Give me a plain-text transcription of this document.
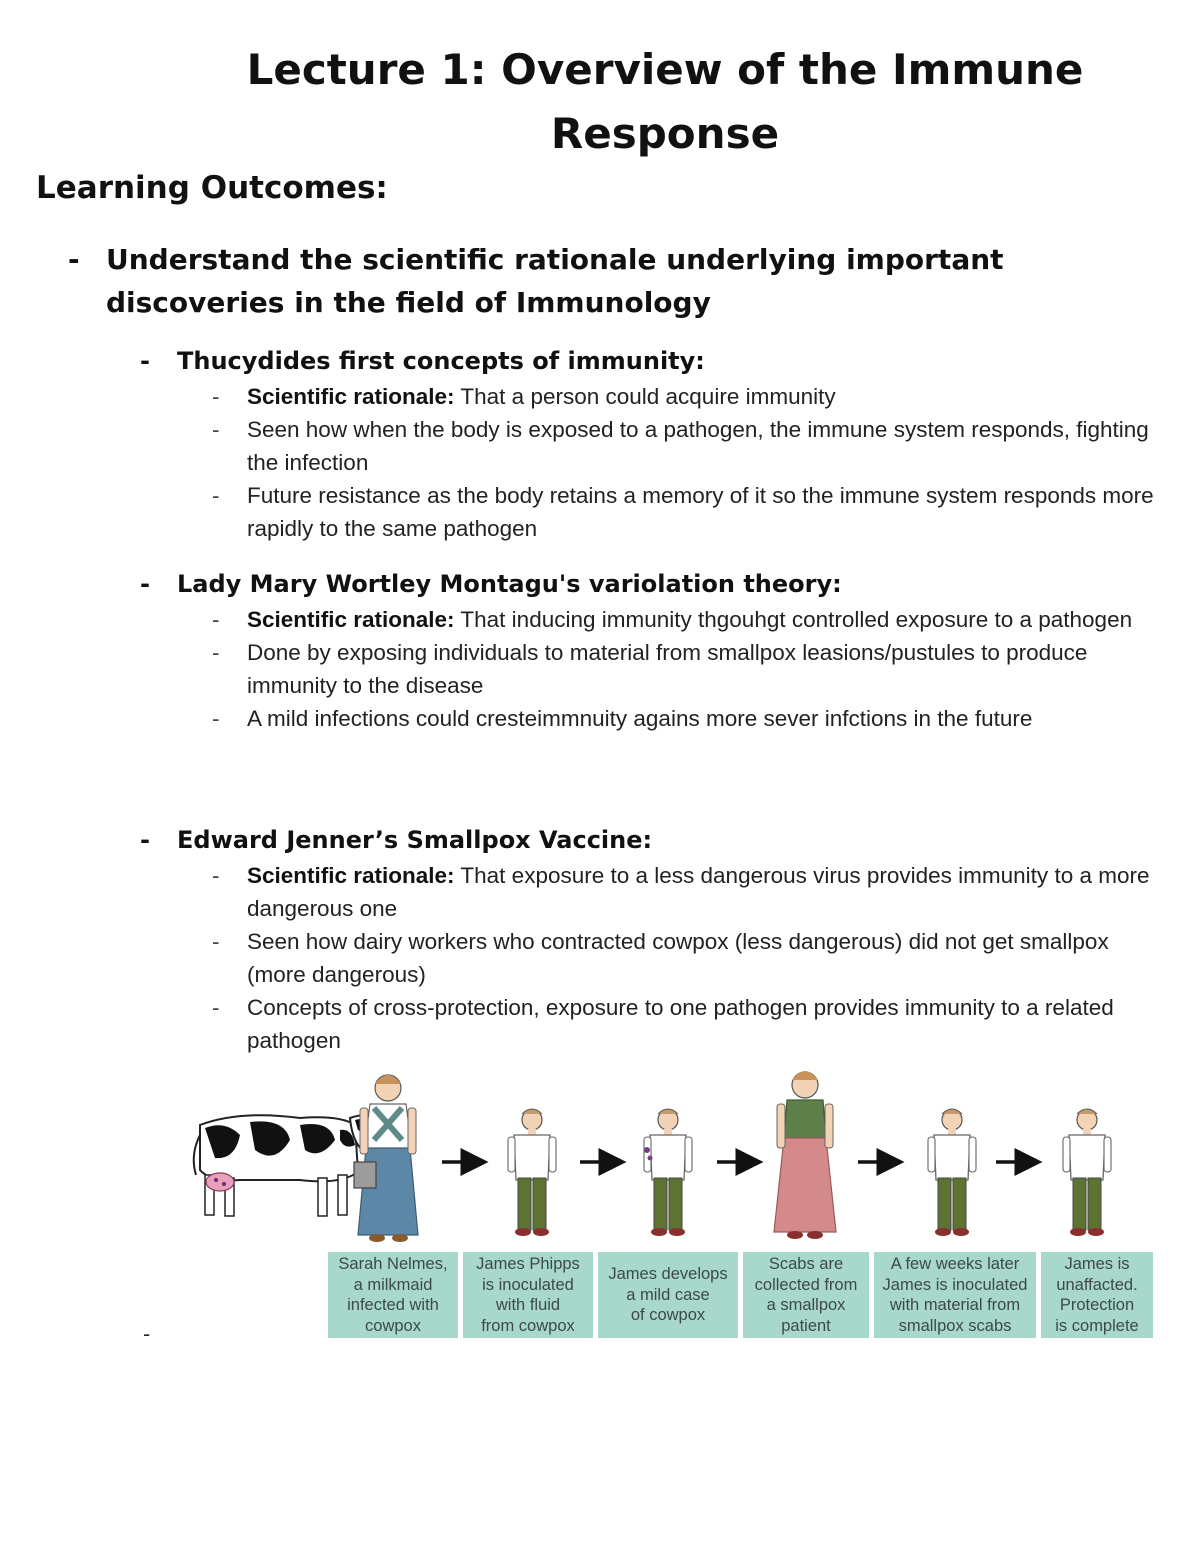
Lecture 1: Overview of the Immune Response
Learning Outcomes:
- Understand the scientific rationale underlying important discoveries in the field of Immunology
- Thucydides first concepts of immunity:
- Scientific rationale: That a person could acquire immunity
- Seen how when the body is exposed to a pathogen, the immune system responds, fighting the infection
- Future resistance as the body retains a memory of it so the immune system responds more rapidly to the same pathogen
- Lady Mary Wortley Montagu's variolation theory:
- Scientific rationale: That inducing immunity thgouhgt controlled exposure to a pathogen
- Done by exposing individuals to material from smallpox leasions/pustules to produce immunity to the disease
- A mild infections could cresteimmnuity agains more sever infctions in the future
- Edward Jenner’s Smallpox Vaccine:
- Scientific rationale: That exposure to a less dangerous virus provides immunity to a more dangerous one
- Seen how dairy workers who contracted cowpox (less dangerous) did not get smallpox (more dangerous)
- Concepts of cross-protection, exposure to one pathogen provides immunity to a related pathogen
Sarah Nelmes,
a milkmaid
infected with
cowpox
James Phipps
is inoculated
with fluid
from cowpox
James develops
a mild case
of cowpox
Scabs are
collected from
a smallpox
patient
A few weeks later
James is inoculated
with material from
smallpox scabs
James is
unaffacted.
Protection
is complete
-
